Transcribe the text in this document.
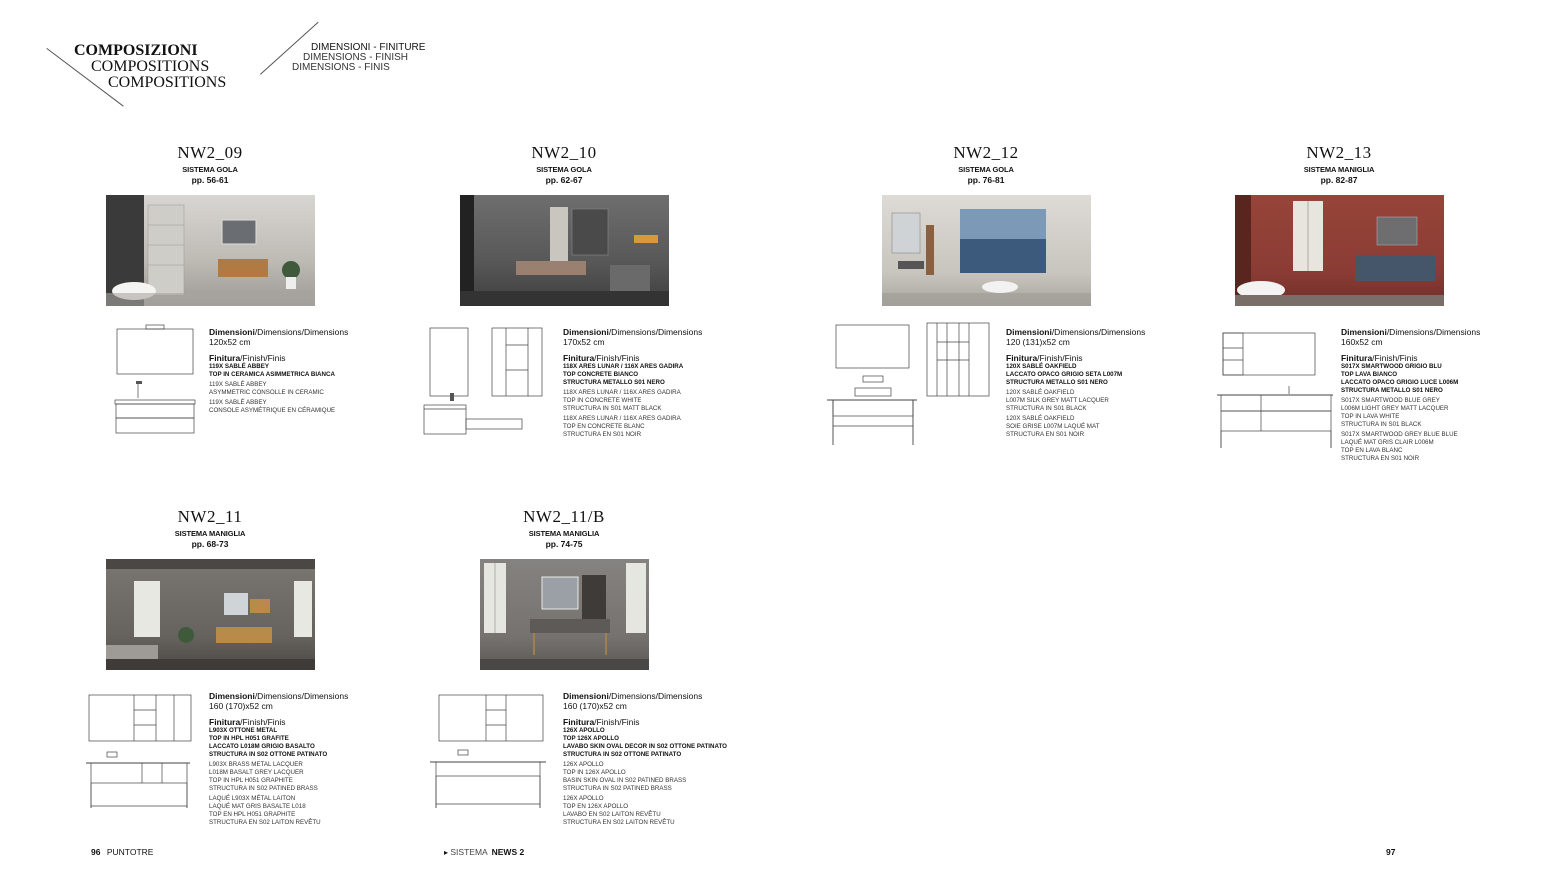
COMPOSIZIONI
COMPOSITIONS
COMPOSITIONS
DIMENSIONI - FINITURE
DIMENSIONS - FINISH
DIMENSIONS - FINIS
NW2_09
SISTEMA GOLA
pp. 56-61
Dimensioni/Dimensions/Dimensions
120x52 cm
Finitura/Finish/Finis
119X SABLÉ ABBEY
TOP IN CERAMICA ASIMMETRICA BIANCA
119X SABLÉ ABBEY
ASYMMETRIC CONSOLLE IN CERAMIC
119X SABLÉ ABBEY
CONSOLE ASYMÉTRIQUE EN CÉRAMIQUE
NW2_10
SISTEMA GOLA
pp. 62-67
Dimensioni/Dimensions/Dimensions
170x52 cm
Finitura/Finish/Finis
118X ARES LUNAR / 116X ARES GADIRA
TOP CONCRETE BIANCO
STRUCTURA METALLO S01 NERO
118X ARES LUNAR / 116X ARES GADIRA
TOP IN CONCRETE WHITE
STRUCTURA IN S01 MATT BLACK
118X ARES LUNAR / 116X ARES GADIRA
TOP EN CONCRETE BLANC
STRUCTURA EN S01 NOIR
NW2_12
SISTEMA GOLA
pp. 76-81
Dimensioni/Dimensions/Dimensions
120 (131)x52 cm
Finitura/Finish/Finis
120X SABLÉ OAKFIELD
LACCATO OPACO GRIGIO SETA L007M
STRUCTURA METALLO S01 NERO
120X SABLÉ OAKFIELD
L007M SILK GREY MATT LACQUER
STRUCTURA IN S01 BLACK
120X SABLÉ OAKFIELD
SOIE GRISE L007M LAQUÉ MAT
STRUCTURA EN S01 NOIR
NW2_13
SISTEMA MANIGLIA
pp. 82-87
Dimensioni/Dimensions/Dimensions
160x52 cm
Finitura/Finish/Finis
S017X SMARTWOOD GRIGIO BLU
TOP LAVA BIANCO
LACCATO OPACO GRIGIO LUCE L006M
STRUCTURA METALLO S01 NERO
S017X SMARTWOOD BLUE GREY
L006M LIGHT GREY MATT LACQUER
TOP IN LAVA WHITE
STRUCTURA IN S01 BLACK
S017X SMARTWOOD GREY BLUE BLUE
LAQUÉ MAT GRIS CLAIR L006M
TOP EN LAVA BLANC
STRUCTURA EN S01 NOIR
NW2_11
SISTEMA MANIGLIA
pp. 68-73
Dimensioni/Dimensions/Dimensions
160 (170)x52 cm
Finitura/Finish/Finis
L903X OTTONE METAL
TOP IN HPL H051 GRAFITE
LACCATO L018M GRIGIO BASALTO
STRUCTURA IN S02 OTTONE PATINATO
L903X BRASS METAL LACQUER
L018M BASALT GREY LACQUER
TOP IN HPL H051 GRAPHITE
STRUCTURA IN S02 PATINED BRASS
LAQUÉ L903X MÉTAL LAITON
LAQUÉ MAT GRIS BASALTE L018
TOP EN HPL H051 GRAPHITE
STRUCTURA EN S02 LAITON REVÊTU
NW2_11/B
SISTEMA MANIGLIA
pp. 74-75
Dimensioni/Dimensions/Dimensions
160 (170)x52 cm
Finitura/Finish/Finis
126X APOLLO
TOP 126X APOLLO
LAVABO SKIN OVAL DECOR IN S02 OTTONE PATINATO
STRUCTURA IN S02 OTTONE PATINATO
126X APOLLO
TOP IN 126X APOLLO
BASIN SKIN OVAL IN S02 PATINED BRASS
STRUCTURA IN S02 PATINED BRASS
126X APOLLO
TOP EN 126X APOLLO
LAVABO EN S02 LAITON REVÊTU
STRUCTURA EN S02 LAITON REVÊTU
96 PUNTOTRE	▸ SISTEMA NEWS 2	97
